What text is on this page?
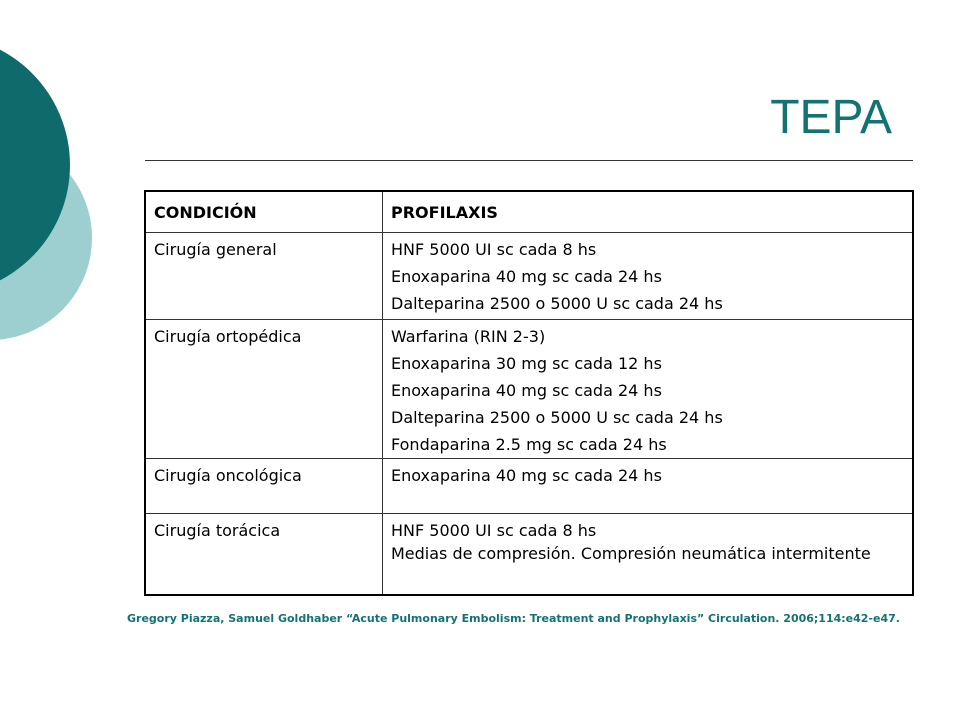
TEPA
CONDICIÓN	PROFILAXIS

Cirugía general	HNF 5000 UI sc cada 8 hs
Enoxaparina 40 mg sc cada 24 hs
Dalteparina 2500 o 5000 U sc cada 24 hs

Cirugía ortopédica	Warfarina (RIN 2-3)
Enoxaparina 30 mg sc cada 12 hs
Enoxaparina 40 mg sc cada 24 hs
Dalteparina 2500 o 5000 U sc cada 24 hs
Fondaparina 2.5 mg sc cada 24 hs

Cirugía oncológica	Enoxaparina 40 mg sc cada 24 hs

Cirugía torácica	HNF 5000 UI sc cada 8 hs
Medias de compresión. Compresión neumática intermitente
Gregory Piazza, Samuel Goldhaber “Acute Pulmonary Embolism: Treatment and Prophylaxis” Circulation. 2006;114:e42-e47.
